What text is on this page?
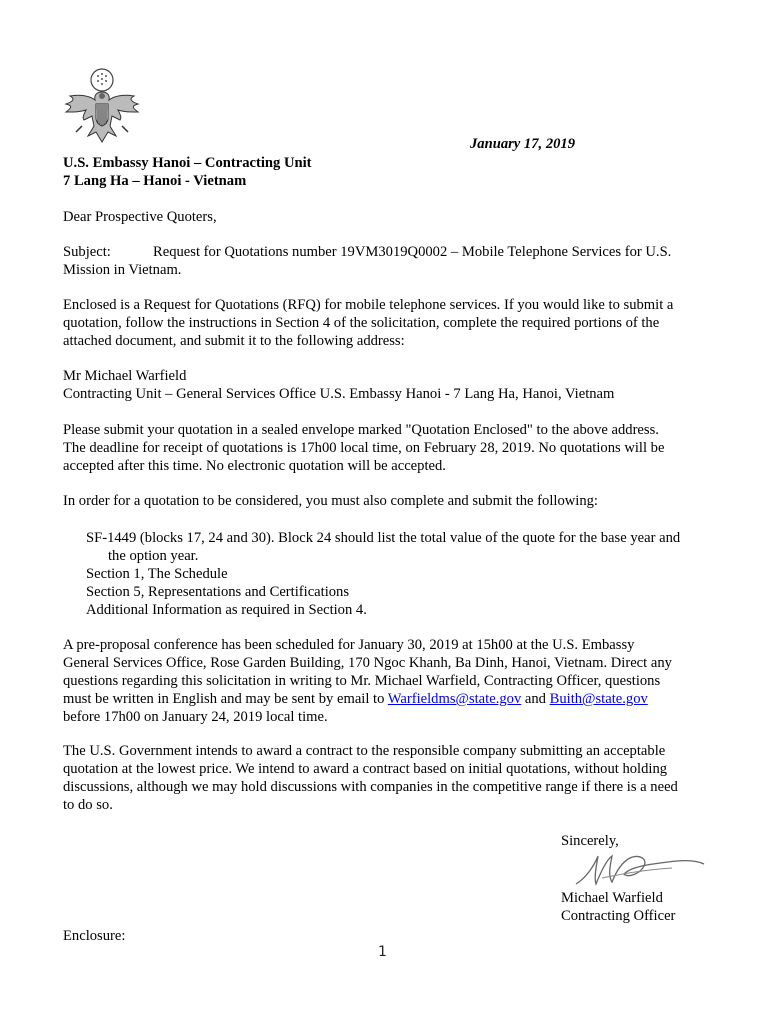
January 17, 2019
U.S. Embassy Hanoi – Contracting Unit
7 Lang Ha – Hanoi - Vietnam
Dear Prospective Quoters,
Subject:	Request for Quotations number 19VM3019Q0002 – Mobile Telephone Services for U.S.
Mission in Vietnam.
Enclosed is a Request for Quotations (RFQ) for mobile telephone services. If you would like to submit a
quotation, follow the instructions in Section 4 of the solicitation, complete the required portions of the
attached document, and submit it to the following address:
Mr Michael Warfield
Contracting Unit – General Services Office U.S. Embassy Hanoi - 7 Lang Ha, Hanoi, Vietnam
Please submit your quotation in a sealed envelope marked "Quotation Enclosed" to the above address.
The deadline for receipt of quotations is 17h00 local time, on February 28, 2019. No quotations will be
accepted after this time. No electronic quotation will be accepted.
In order for a quotation to be considered, you must also complete and submit the following:
SF-1449 (blocks 17, 24 and 30). Block 24 should list the total value of the quote for the base year and
the option year.
Section 1, The Schedule
Section 5, Representations and Certifications
Additional Information as required in Section 4.
A pre-proposal conference has been scheduled for January 30, 2019 at 15h00 at the U.S. Embassy
General Services Office, Rose Garden Building, 170 Ngoc Khanh, Ba Dinh, Hanoi, Vietnam. Direct any
questions regarding this solicitation in writing to Mr. Michael Warfield, Contracting Officer, questions
must be written in English and may be sent by email to Warfieldms@state.gov and Buith@state.gov
before 17h00 on January 24, 2019 local time.
The U.S. Government intends to award a contract to the responsible company submitting an acceptable
quotation at the lowest price. We intend to award a contract based on initial quotations, without holding
discussions, although we may hold discussions with companies in the competitive range if there is a need
to do so.
Sincerely,
Michael Warfield
Contracting Officer
Enclosure:
1
